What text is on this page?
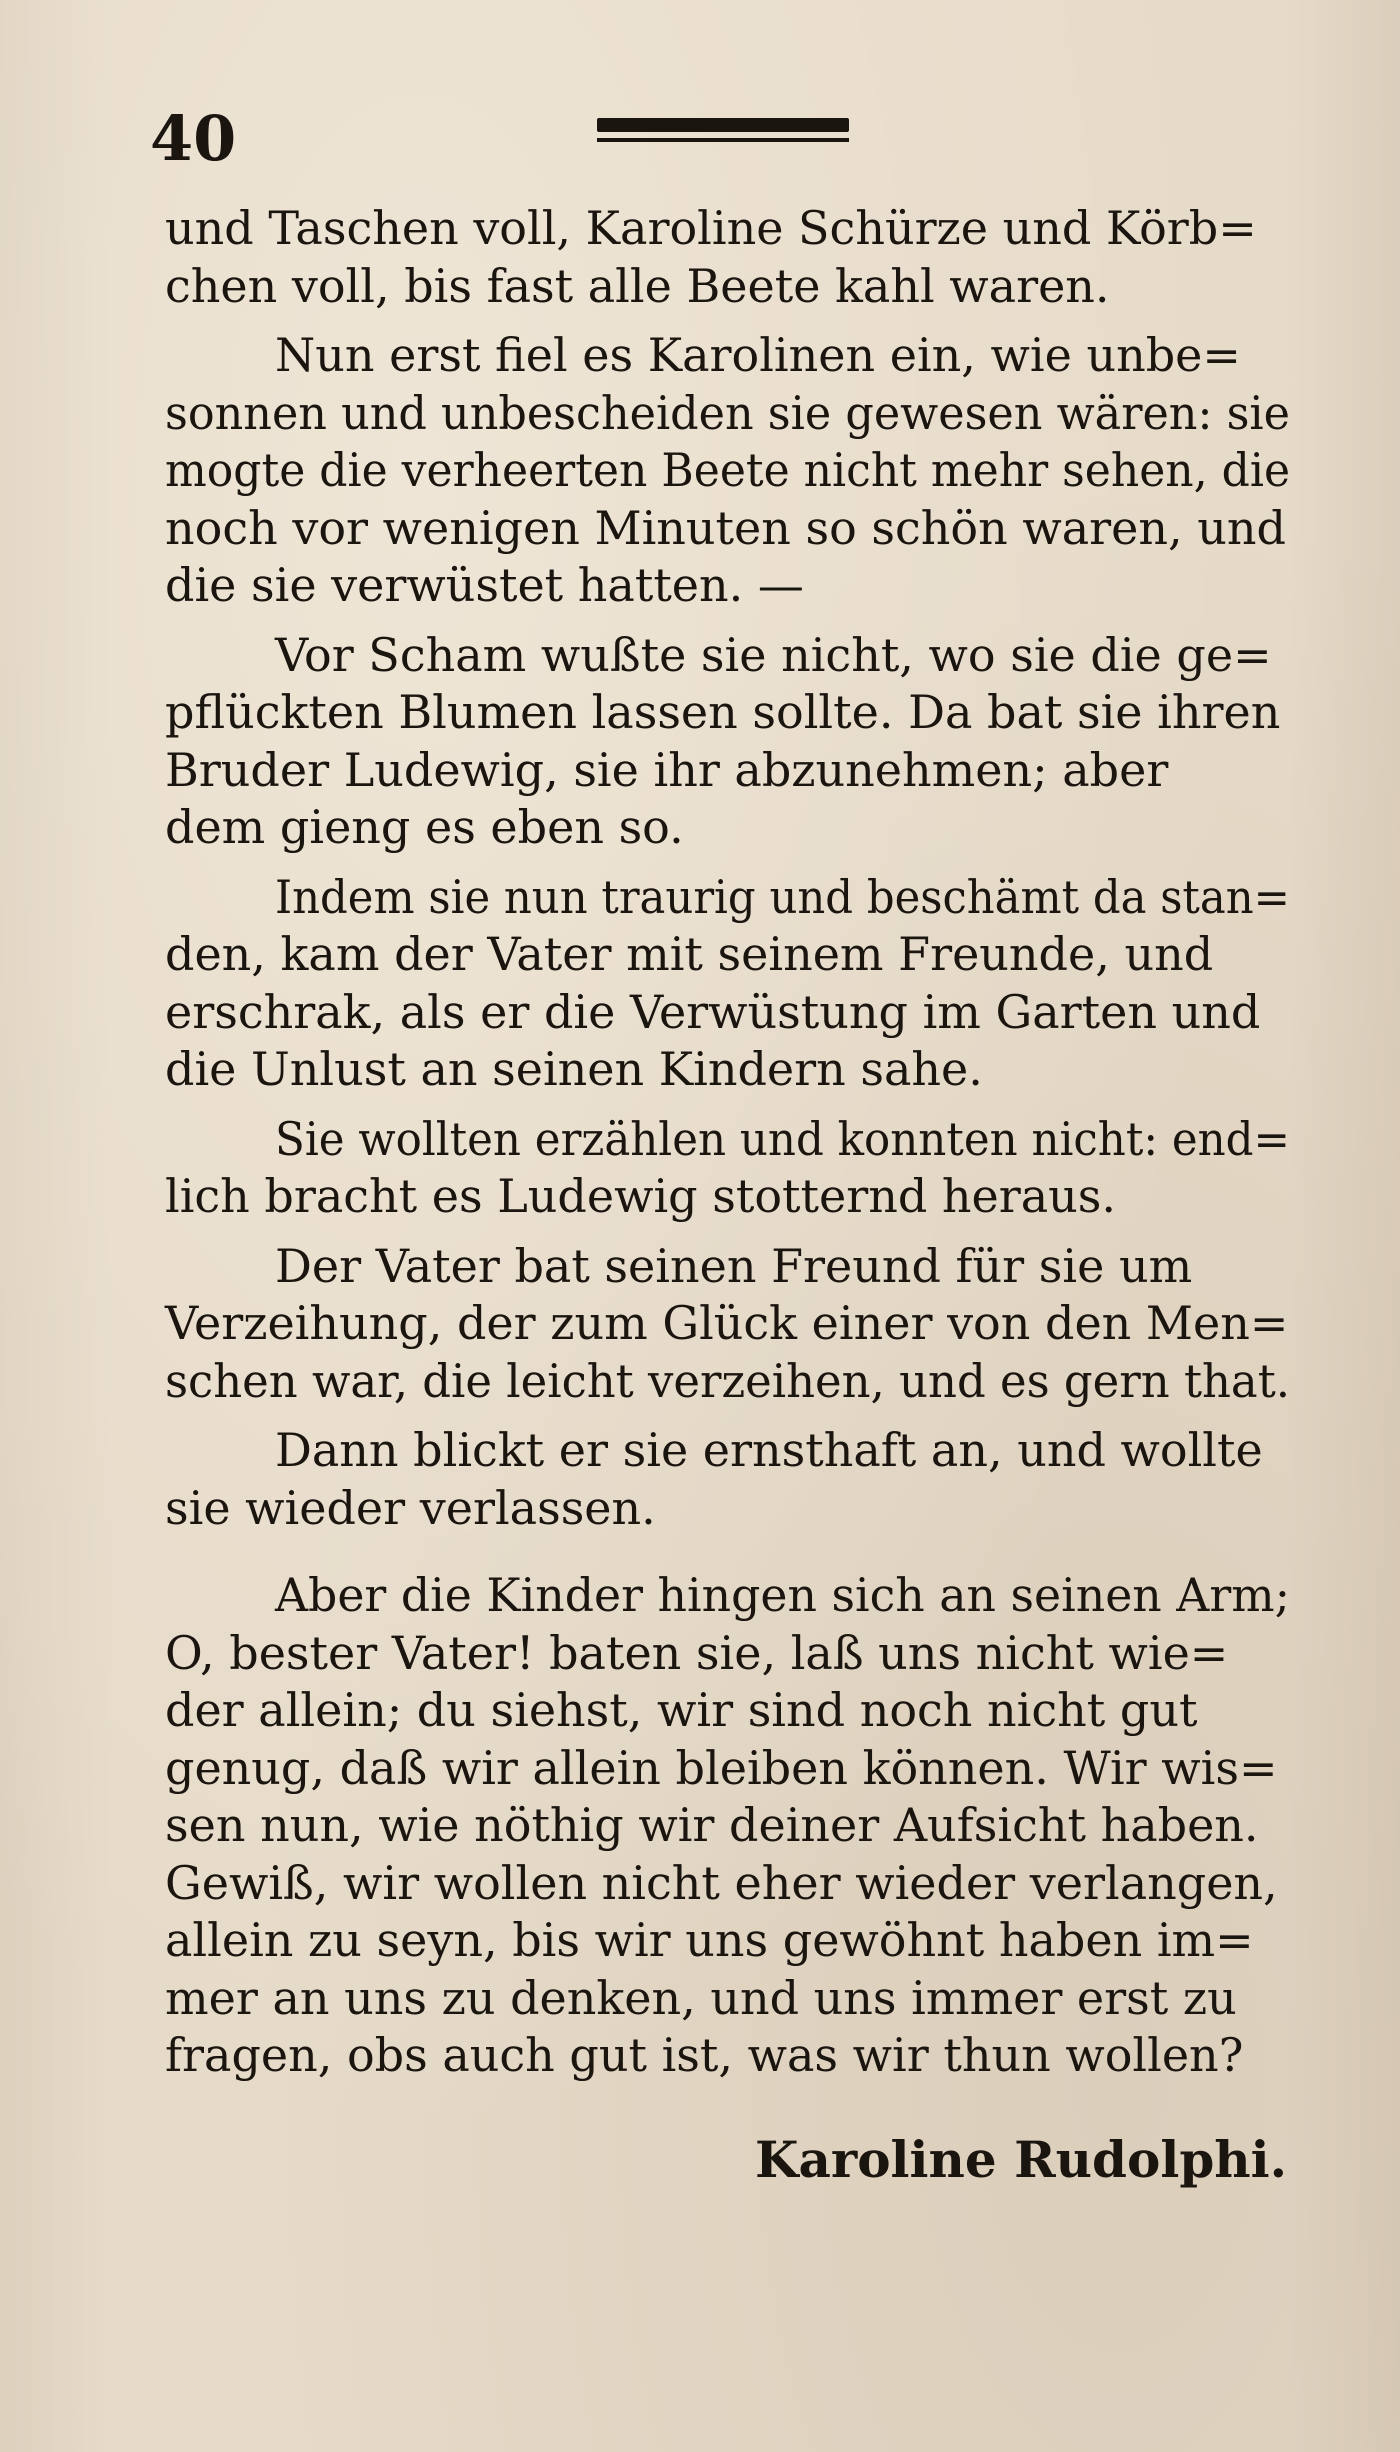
40
und Taschen voll, Karoline Schürze und Körb=
chen voll, bis fast alle Beete kahl waren.
Nun erst fiel es Karolinen ein, wie unbe=
sonnen und unbescheiden sie gewesen wären: sie
mogte die verheerten Beete nicht mehr sehen, die
noch vor wenigen Minuten so schön waren, und
die sie verwüstet hatten. —
Vor Scham wußte sie nicht, wo sie die ge=
pflückten Blumen lassen sollte. Da bat sie ihren
Bruder Ludewig, sie ihr abzunehmen; aber
dem gieng es eben so.
Indem sie nun traurig und beschämt da stan=
den, kam der Vater mit seinem Freunde, und
erschrak, als er die Verwüstung im Garten und
die Unlust an seinen Kindern sahe.
Sie wollten erzählen und konnten nicht: end=
lich bracht es Ludewig stotternd heraus.
Der Vater bat seinen Freund für sie um
Verzeihung, der zum Glück einer von den Men=
schen war, die leicht verzeihen, und es gern that.
Dann blickt er sie ernsthaft an, und wollte
sie wieder verlassen.
Aber die Kinder hingen sich an seinen Arm;
O, bester Vater! baten sie, laß uns nicht wie=
der allein; du siehst, wir sind noch nicht gut
genug, daß wir allein bleiben können. Wir wis=
sen nun, wie nöthig wir deiner Aufsicht haben.
Gewiß, wir wollen nicht eher wieder verlangen,
allein zu seyn, bis wir uns gewöhnt haben im=
mer an uns zu denken, und uns immer erst zu
fragen, obs auch gut ist, was wir thun wollen?
Karoline Rudolphi.
